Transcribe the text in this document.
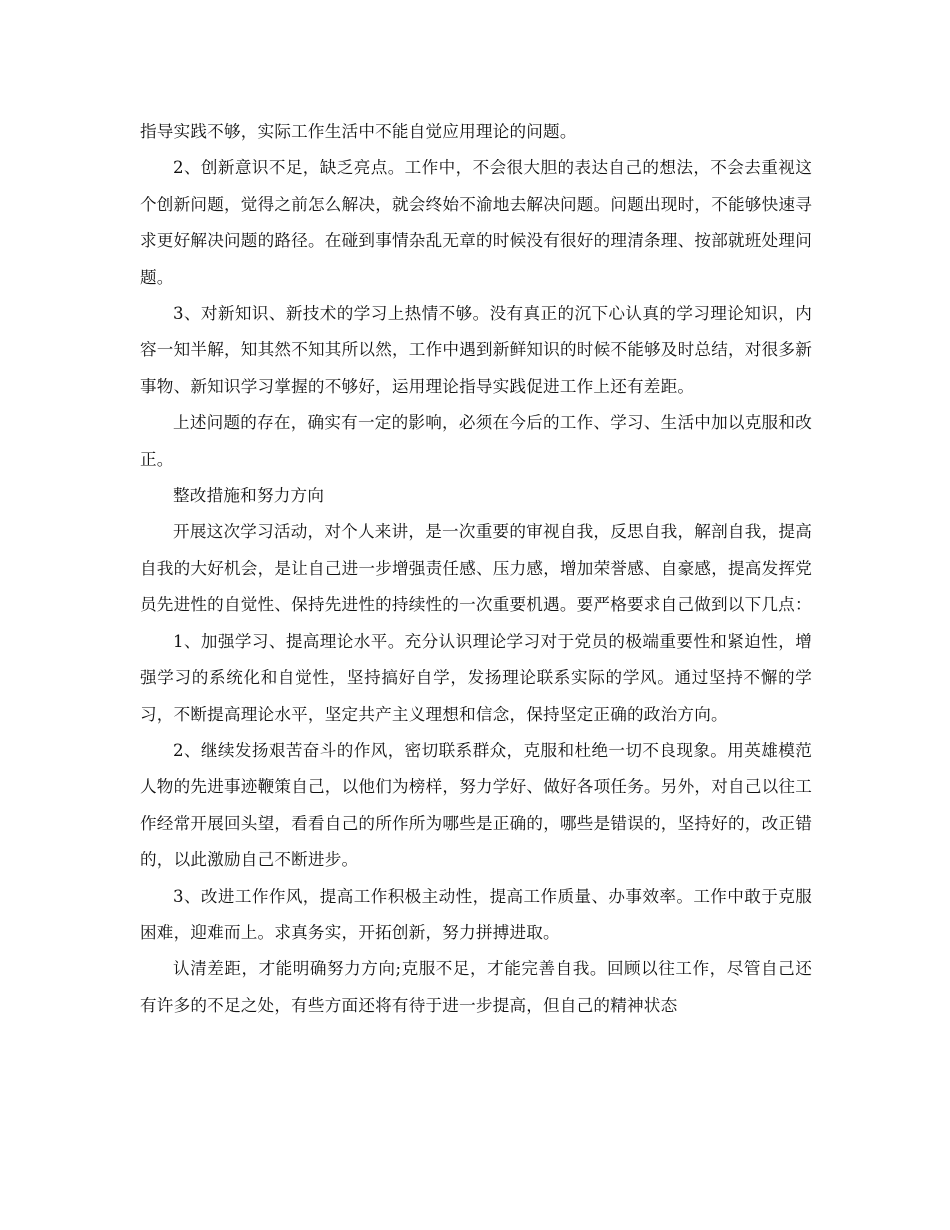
指导实践不够，实际工作生活中不能自觉应用理论的问题。

2、创新意识不足，缺乏亮点。工作中，不会很大胆的表达自己的想法，不会去重视这个创新问题，觉得之前怎么解决，就会终始不渝地去解决问题。问题出现时，不能够快速寻求更好解决问题的路径。在碰到事情杂乱无章的时候没有很好的理清条理、按部就班处理问题。

3、对新知识、新技术的学习上热情不够。没有真正的沉下心认真的学习理论知识，内容一知半解，知其然不知其所以然，工作中遇到新鲜知识的时候不能够及时总结，对很多新事物、新知识学习掌握的不够好，运用理论指导实践促进工作上还有差距。

上述问题的存在，确实有一定的影响，必须在今后的工作、学习、生活中加以克服和改正。

整改措施和努力方向

开展这次学习活动，对个人来讲，是一次重要的审视自我，反思自我，解剖自我，提高自我的大好机会，是让自己进一步增强责任感、压力感，增加荣誉感、自豪感，提高发挥党员先进性的自觉性、保持先进性的持续性的一次重要机遇。要严格要求自己做到以下几点：

1、加强学习、提高理论水平。充分认识理论学习对于党员的极端重要性和紧迫性，增强学习的系统化和自觉性，坚持搞好自学，发扬理论联系实际的学风。通过坚持不懈的学习，不断提高理论水平，坚定共产主义理想和信念，保持坚定正确的政治方向。

2、继续发扬艰苦奋斗的作风，密切联系群众，克服和杜绝一切不良现象。用英雄模范人物的先进事迹鞭策自己，以他们为榜样，努力学好、做好各项任务。另外，对自己以往工作经常开展回头望，看看自己的所作所为哪些是正确的，哪些是错误的，坚持好的，改正错的，以此激励自己不断进步。

3、改进工作作风，提高工作积极主动性，提高工作质量、办事效率。工作中敢于克服困难，迎难而上。求真务实，开拓创新，努力拼搏进取。

认清差距，才能明确努力方向;克服不足，才能完善自我。回顾以往工作，尽管自己还有许多的不足之处，有些方面还将有待于进一步提高，但自己的精神状态
